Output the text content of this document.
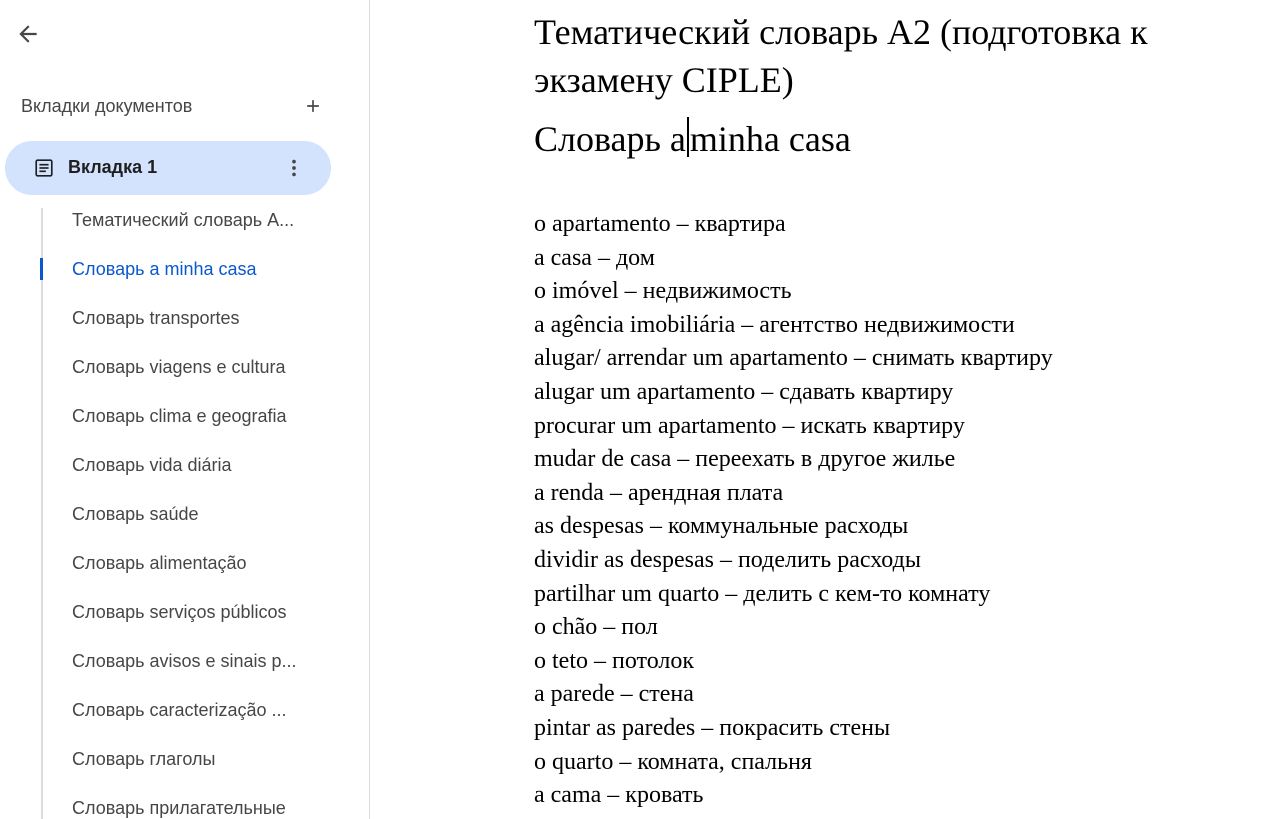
Вкладки документов
Вкладка 1
Тематический словарь A...
Словарь a minha casa
Словарь transportes
Словарь viagens e cultura
Словарь clima e geografia
Словарь vida diária
Словарь saúde
Словарь alimentação
Словарь serviços públicos
Словарь avisos e sinais p...
Словарь caracterização ...
Словарь глаголы
Словарь прилагательные
Тематический словарь A2 (подготовка к экзамену CIPLE)
Словарь a minha casa
o apartamento – квартира
a casa – дом
o imóvel – недвижимость
a agência imobiliária – агентство недвижимости
alugar/ arrendar um apartamento – снимать квартиру
alugar um apartamento – сдавать квартиру
procurar um apartamento – искать квартиру
mudar de casa – переехать в другое жилье
a renda – арендная плата
as despesas – коммунальные расходы
dividir as despesas – поделить расходы
partilhar um quarto – делить с кем-то комнату
o chão – пол
o teto – потолок
a parede – стена
pintar as paredes – покрасить стены
o quarto – комната, спальня
a cama – кровать
